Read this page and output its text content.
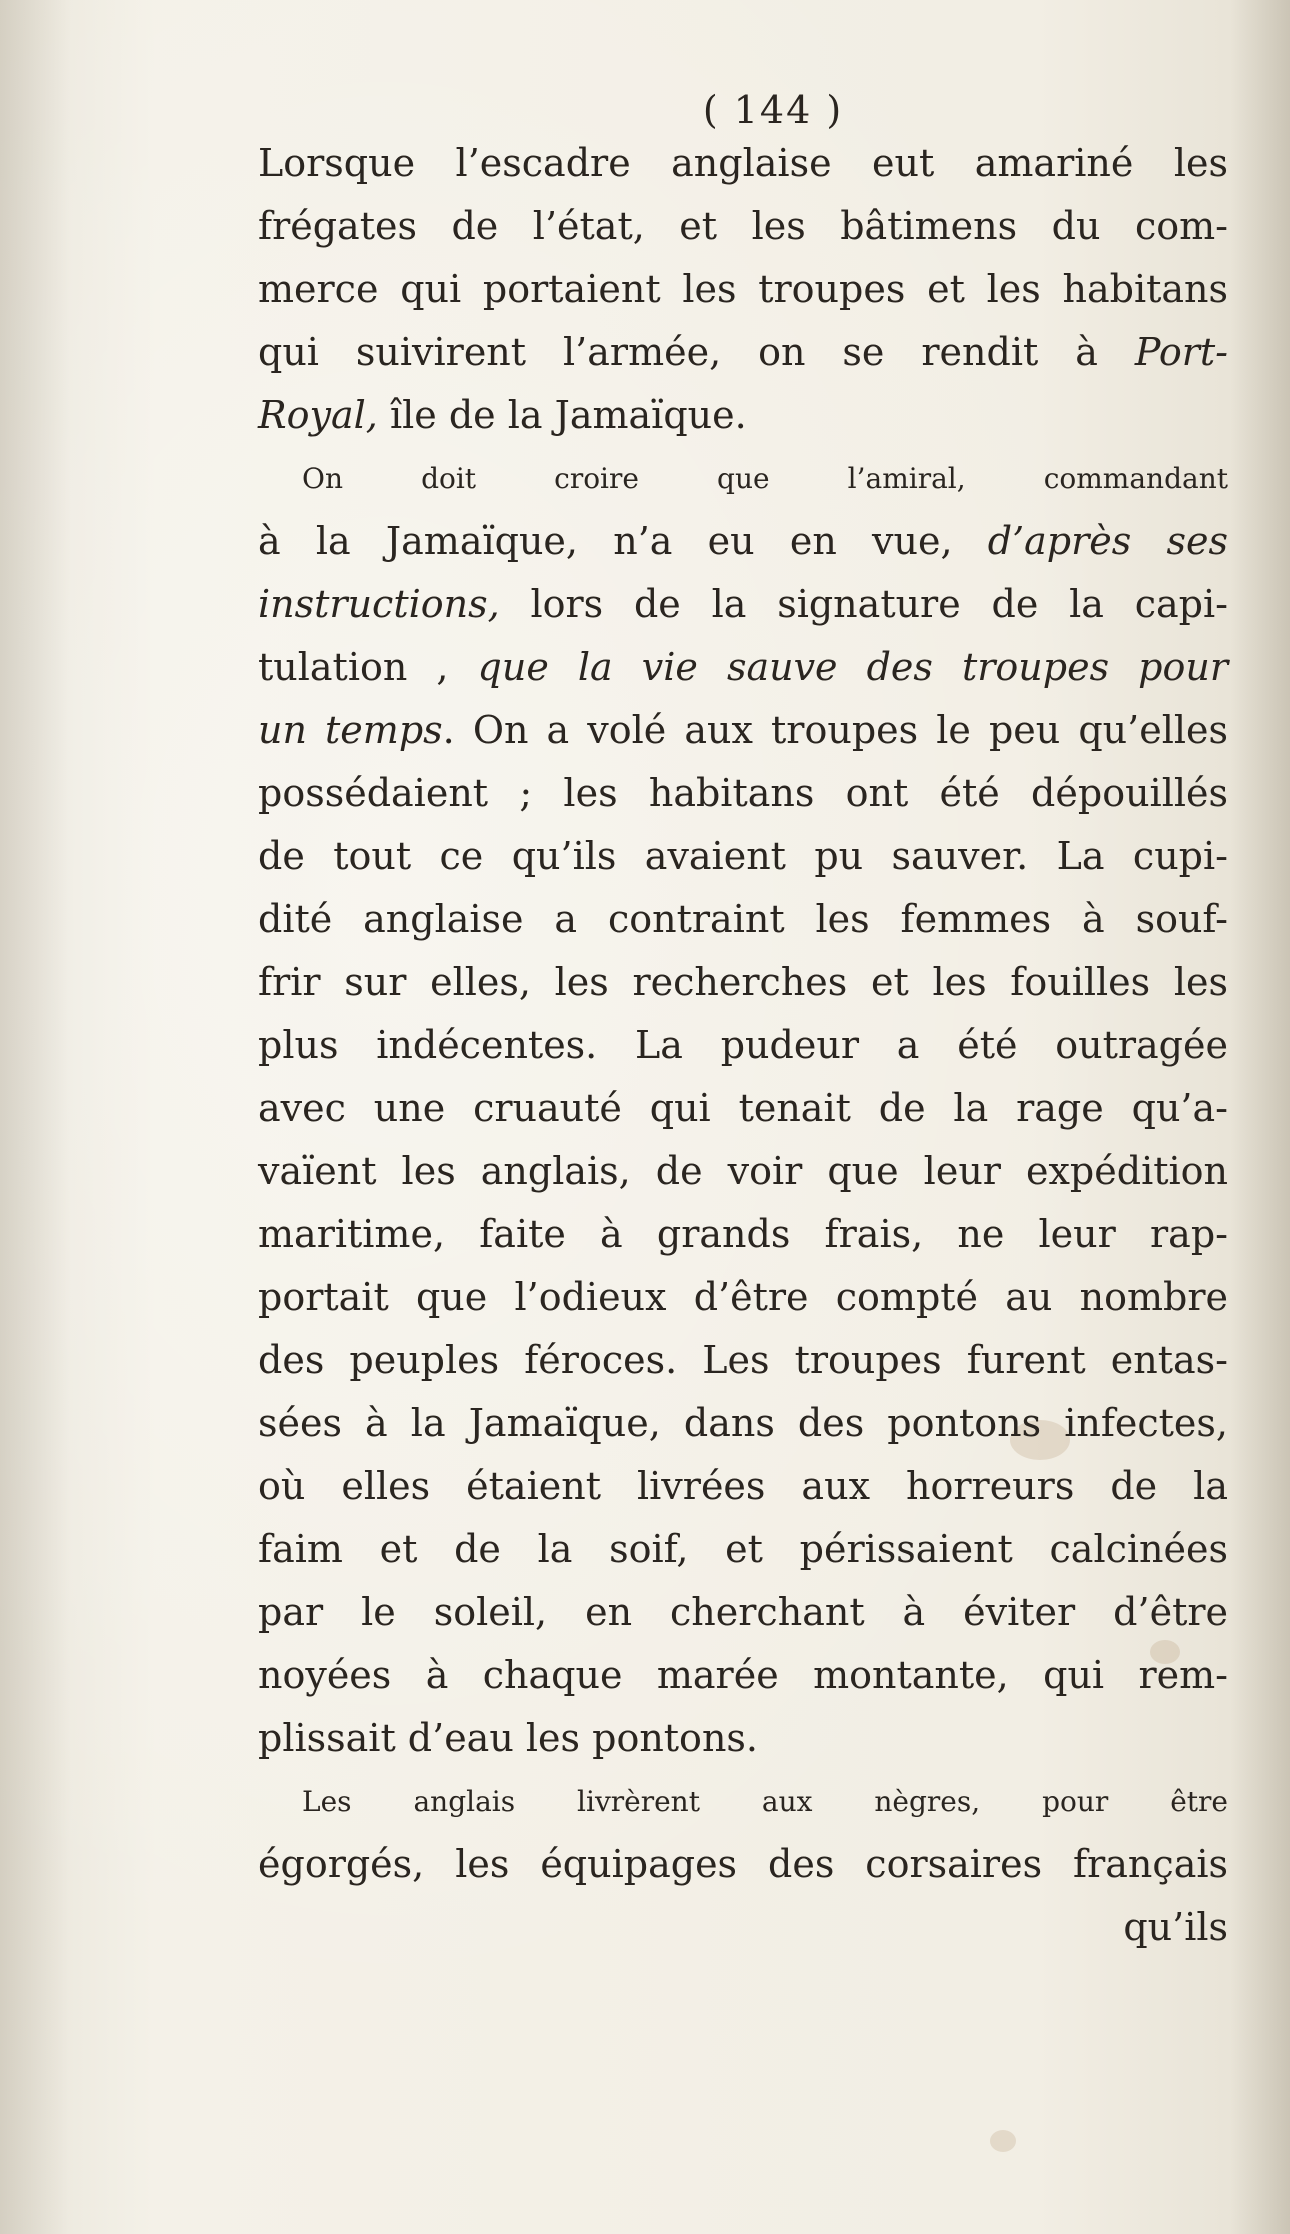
( 144 )
Lorsque l’escadre anglaise eut amariné les
frégates de l’état, et les bâtimens du com-
merce qui portaient les troupes et les habitans
qui suivirent l’armée, on se rendit à Port-
Royal, île de la Jamaïque.
On doit croire que l’amiral, commandant
à la Jamaïque, n’a eu en vue, d’après ses
instructions, lors de la signature de la capi-
tulation , que la vie sauve des troupes pour
un temps. On a volé aux troupes le peu qu’elles
possédaient ; les habitans ont été dépouillés
de tout ce qu’ils avaient pu sauver. La cupi-
dité anglaise a contraint les femmes à souf-
frir sur elles, les recherches et les fouilles les
plus indécentes. La pudeur a été outragée
avec une cruauté qui tenait de la rage qu’a-
vaïent les anglais, de voir que leur expédition
maritime, faite à grands frais, ne leur rap-
portait que l’odieux d’être compté au nombre
des peuples féroces. Les troupes furent entas-
sées à la Jamaïque, dans des pontons infectes,
où elles étaient livrées aux horreurs de la
faim et de la soif, et périssaient calcinées
par le soleil, en cherchant à éviter d’être
noyées à chaque marée montante, qui rem-
plissait d’eau les pontons.
Les anglais livrèrent aux nègres, pour être
égorgés, les équipages des corsaires français
qu’ils
